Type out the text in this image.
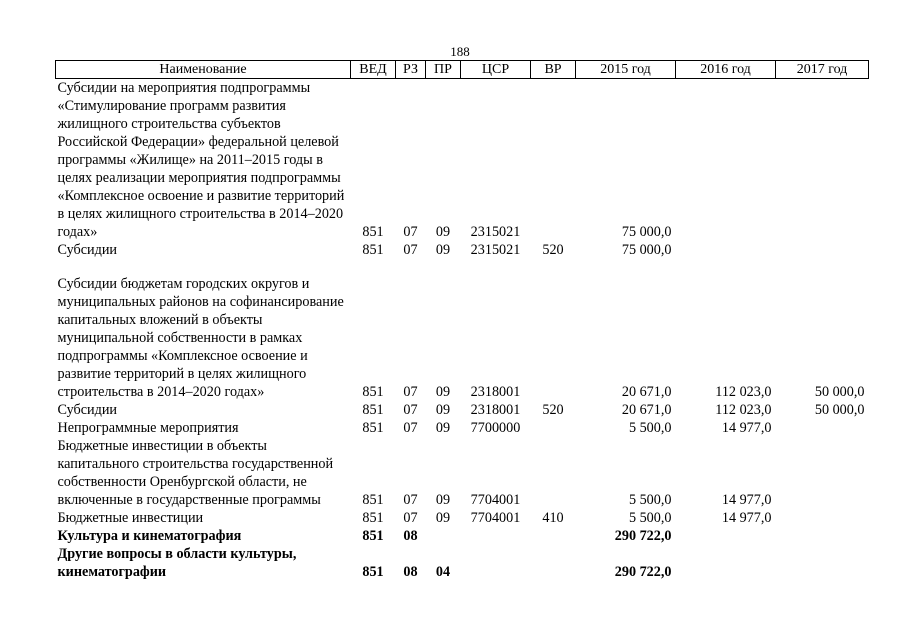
188
Наименование	ВЕД	РЗ	ПР	ЦСР	ВР	2015 год	2016 год	2017 год
Субсидии на мероприятия подпрограммы «Стимулирование программ развития жилищного строительства субъектов Российской Федерации» федеральной целевой программы «Жилище» на 2011–2015 годы в целях реализации мероприятия подпрограммы «Комплексное освоение и развитие территорий в целях жилищного строительства в 2014–2020 годах»	851	07	09	2315021		75 000,0		
Субсидии	851	07	09	2315021	520	75 000,0		

Субсидии бюджетам городских округов и муниципальных районов на софинансирование капитальных вложений в объекты муниципальной собственности в рамках подпрограммы «Комплексное освоение и развитие территорий в целях жилищного строительства в 2014–2020 годах»	851	07	09	2318001		20 671,0	112 023,0	50 000,0
Субсидии	851	07	09	2318001	520	20 671,0	112 023,0	50 000,0
Непрограммные мероприятия	851	07	09	7700000		5 500,0	14 977,0	
Бюджетные инвестиции в объекты капитального строительства государственной собственности Оренбургской области, не включенные в государственные программы	851	07	09	7704001		5 500,0	14 977,0	
Бюджетные инвестиции	851	07	09	7704001	410	5 500,0	14 977,0	
Культура и кинематография	851	08				290 722,0		
Другие вопросы в области культуры, кинематографии	851	08	04			290 722,0		
